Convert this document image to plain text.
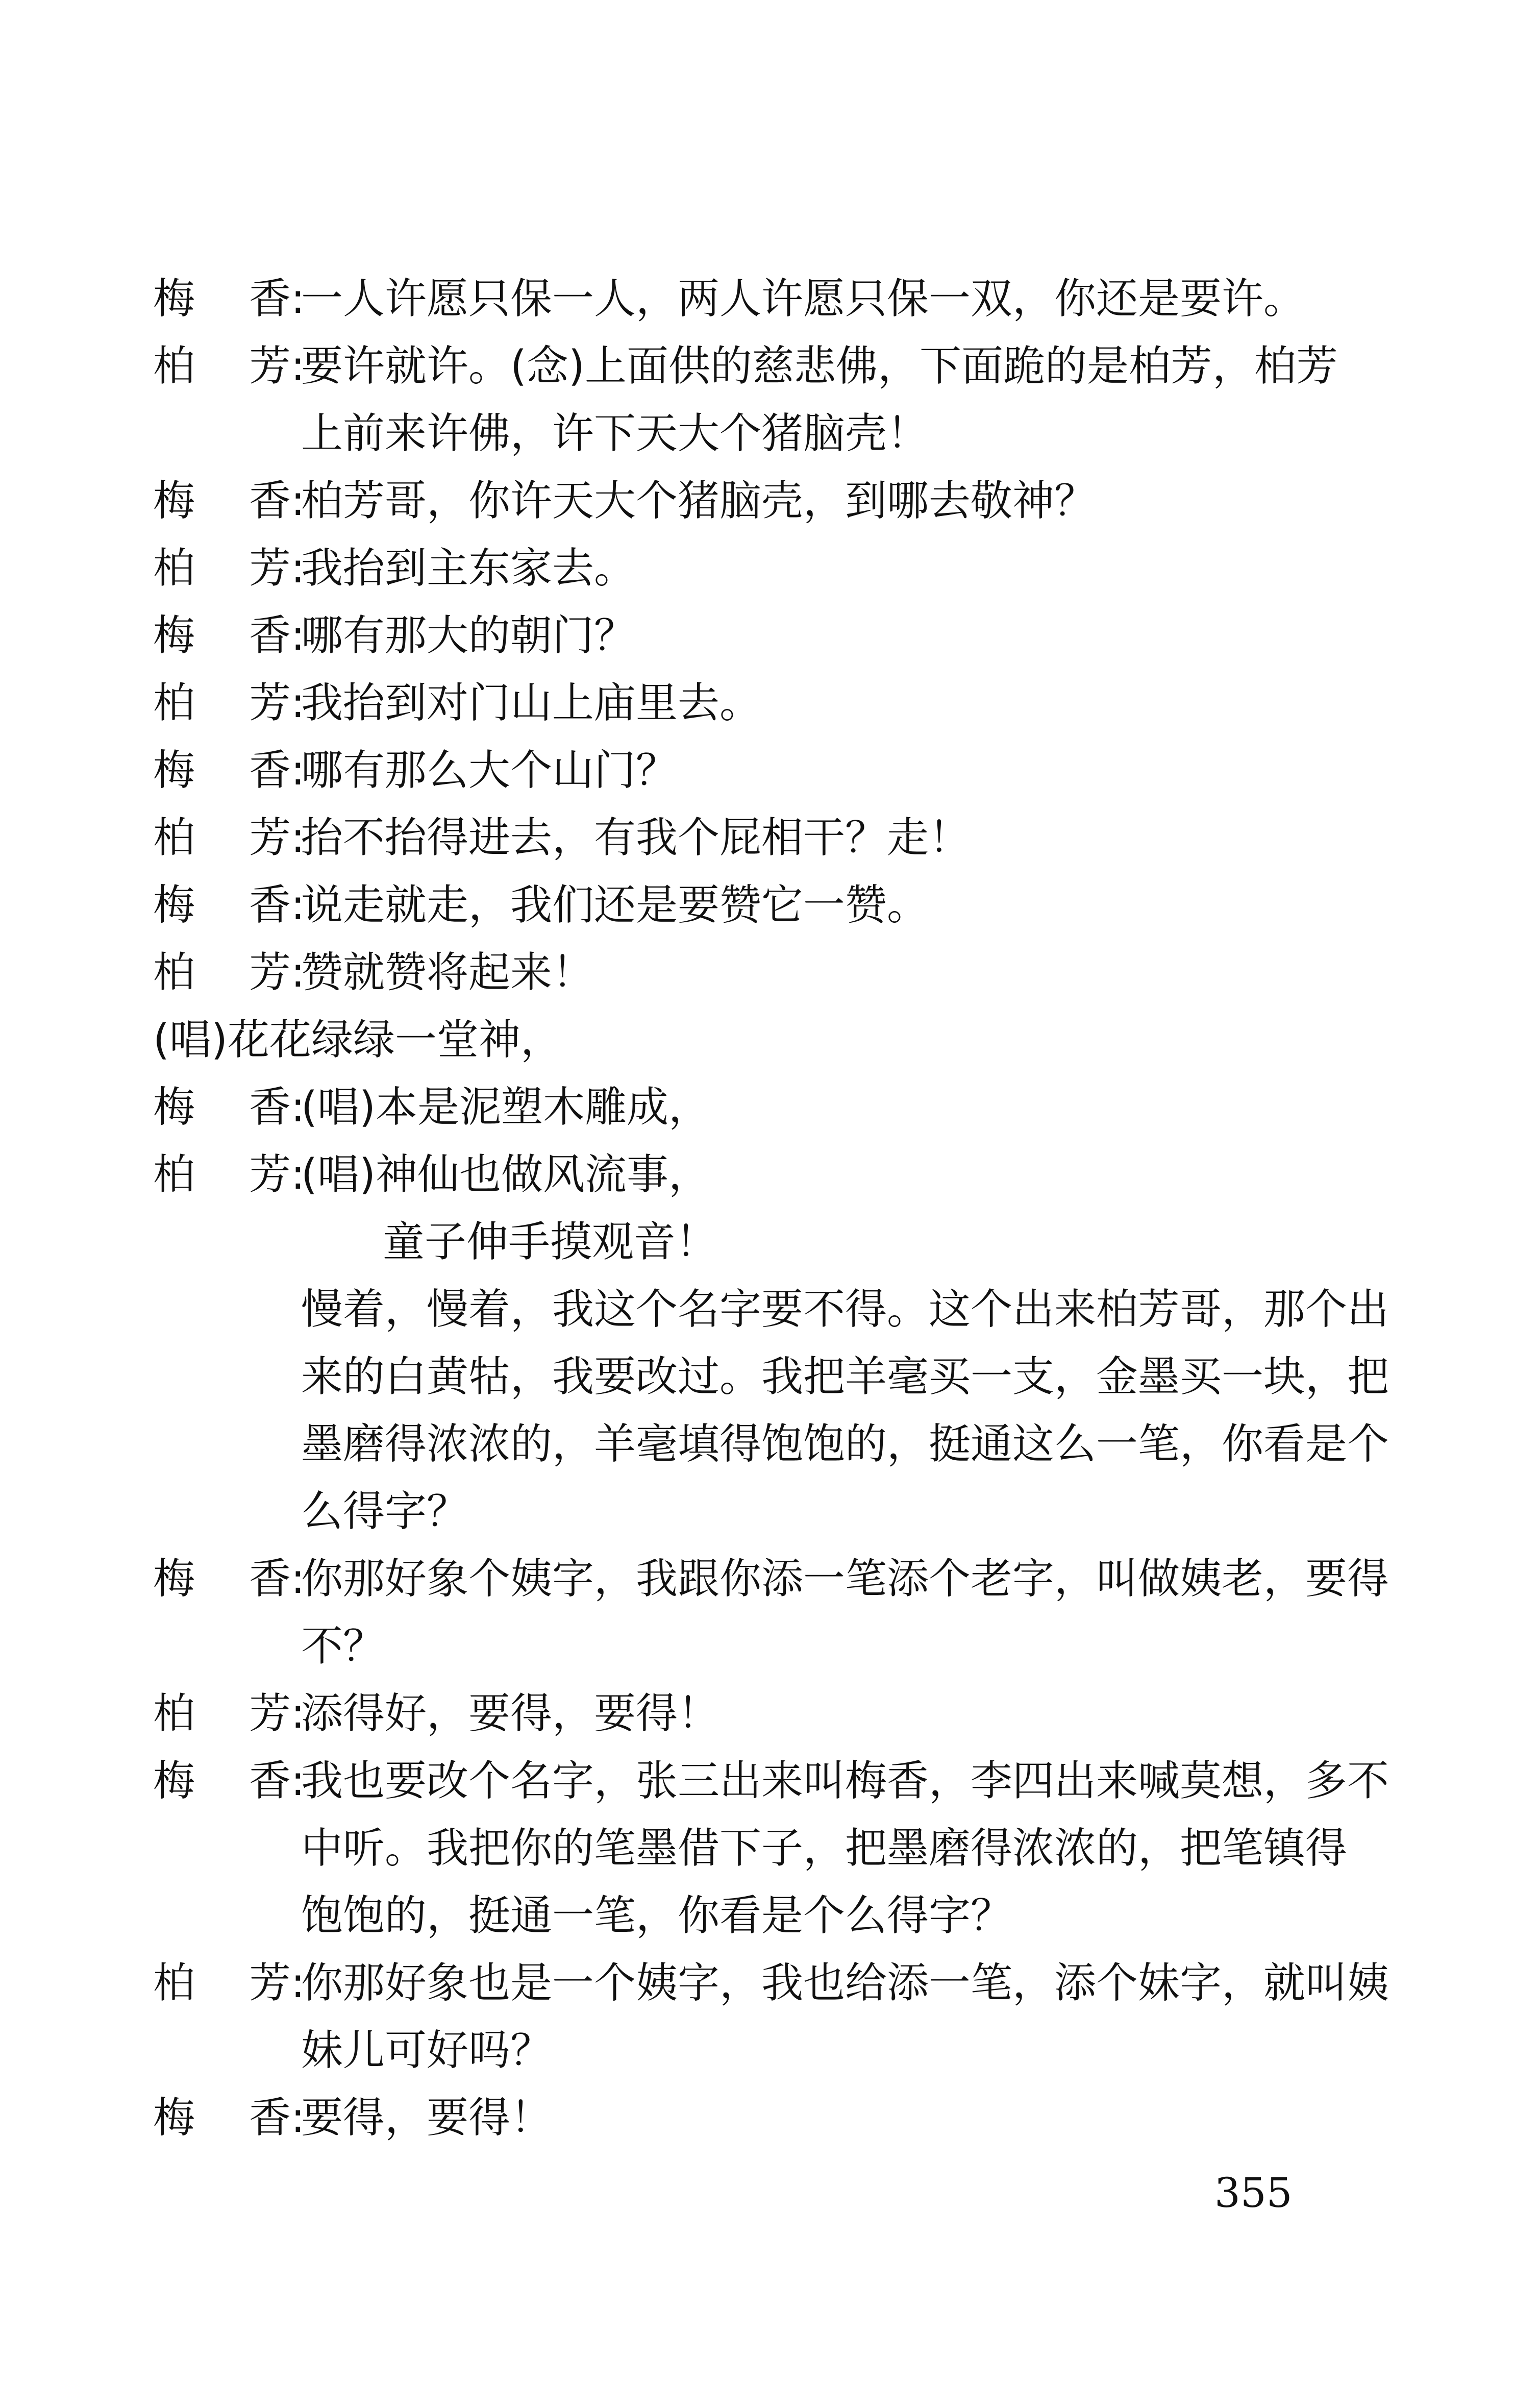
梅香 :
一人许愿只保一人，两人许愿只保一双，你还是要许。
柏芳 :
要许就许。(念)上面供的慈悲佛，下面跪的是柏芳，柏芳
上前来许佛，许下天大个猪脑壳！
梅香 :
柏芳哥，你许天大个猪脑壳，到哪去敬神？
柏芳 :
我抬到主东家去。
梅香 :
哪有那大的朝门？
柏芳 :
我抬到对门山上庙里去。
梅香 :
哪有那么大个山门？
柏芳 :
抬不抬得进去，有我个屁相干？走！
梅香 :
说走就走，我们还是要赞它一赞。
柏芳 :
赞就赞将起来！
(唱)花花绿绿一堂神，
梅香 :
(唱)本是泥塑木雕成，
柏芳 :
(唱)神仙也做风流事，
童子伸手摸观音！
慢着，慢着，我这个名字要不得。这个出来柏芳哥，那个出
来的白黄牯，我要改过。我把羊毫买一支，金墨买一块，把
墨磨得浓浓的，羊毫填得饱饱的，挺通这么一笔，你看是个
么得字？
梅香 :
你那好象个姨字，我跟你添一笔添个老字，叫做姨老，要得
不？
柏芳 :
添得好，要得，要得！
梅香 :
我也要改个名字，张三出来叫梅香，李四出来喊莫想，多不
中听。我把你的笔墨借下子，把墨磨得浓浓的，把笔镇得
饱饱的，挺通一笔，你看是个么得字？
柏芳 :
你那好象也是一个姨字，我也给添一笔，添个妹字，就叫姨
妹儿可好吗？
梅香 :
要得，要得！
355
